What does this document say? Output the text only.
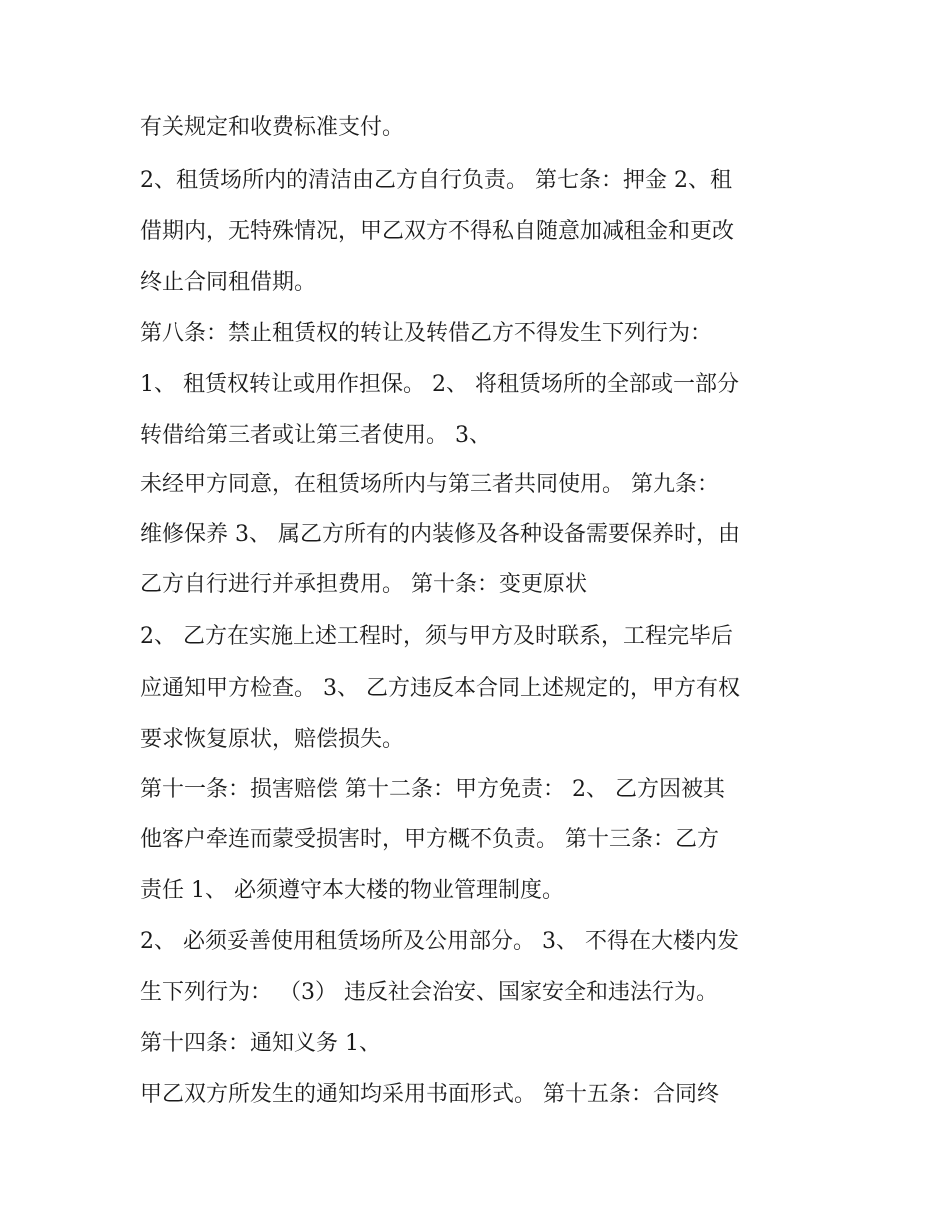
有关规定和收费标准支付。

2、租赁场所内的清洁由乙方自行负责。 第七条：押金 2、租

借期内，无特殊情况，甲乙双方不得私自随意加减租金和更改

终止合同租借期。

第八条：禁止租赁权的转让及转借乙方不得发生下列行为：

1、 租赁权转让或用作担保。 2、 将租赁场所的全部或一部分

转借给第三者或让第三者使用。 3、

未经甲方同意，在租赁场所内与第三者共同使用。 第九条：

维修保养 3、 属乙方所有的内装修及各种设备需要保养时，由

乙方自行进行并承担费用。 第十条：变更原状

2、 乙方在实施上述工程时，须与甲方及时联系，工程完毕后

应通知甲方检查。 3、 乙方违反本合同上述规定的，甲方有权

要求恢复原状，赔偿损失。

第十一条：损害赔偿 第十二条：甲方免责： 2、 乙方因被其

他客户牵连而蒙受损害时，甲方概不负责。 第十三条：乙方

责任 1、 必须遵守本大楼的物业管理制度。

2、 必须妥善使用租赁场所及公用部分。 3、 不得在大楼内发

生下列行为： （3） 违反社会治安、国家安全和违法行为。

第十四条：通知义务 1、

甲乙双方所发生的通知均采用书面形式。 第十五条：合同终
